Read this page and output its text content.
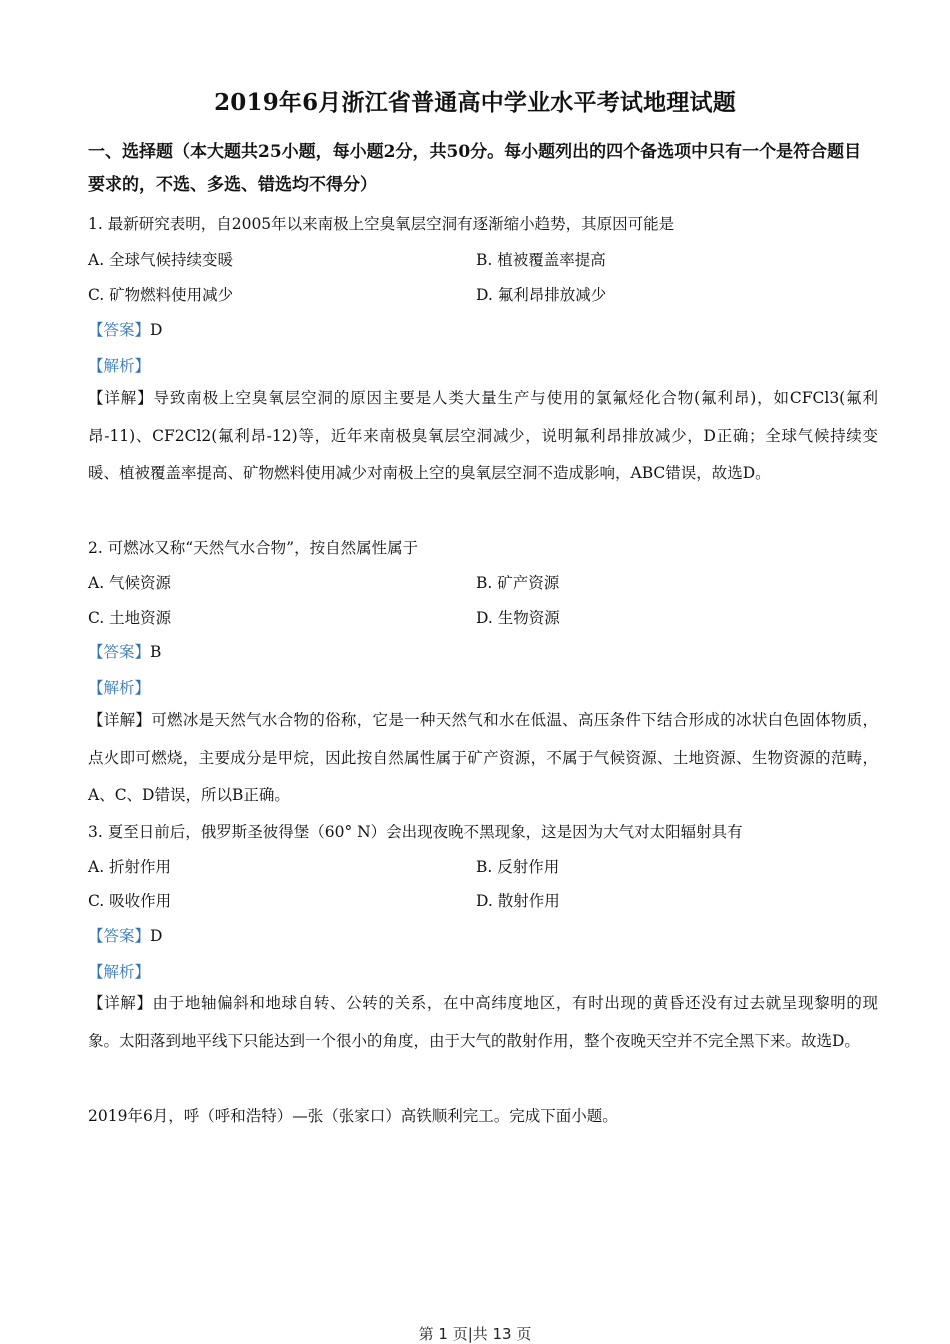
2019年6月浙江省普通高中学业水平考试地理试题
一、选择题（本大题共25小题，每小题2分，共50分。每小题列出的四个备选项中只有一个是符合题目要求的，不选、多选、错选均不得分）
1. 最新研究表明，自2005年以来南极上空臭氧层空洞有逐渐缩小趋势，其原因可能是
A. 全球气候持续变暖	B. 植被覆盖率提高
C. 矿物燃料使用减少	D. 氟利昂排放减少
【答案】D
【解析】
【详解】导致南极上空臭氧层空洞的原因主要是人类大量生产与使用的氯氟烃化合物(氟利昂)，如CFCl3(氟利昂-11)、CF2Cl2(氟利昂-12)等，近年来南极臭氧层空洞减少，说明氟利昂排放减少，D正确；全球气候持续变暖、植被覆盖率提高、矿物燃料使用减少对南极上空的臭氧层空洞不造成影响，ABC错误，故选D。
2. 可燃冰又称“天然气水合物”，按自然属性属于
A. 气候资源	B. 矿产资源
C. 土地资源	D. 生物资源
【答案】B
【解析】
【详解】可燃冰是天然气水合物的俗称，它是一种天然气和水在低温、高压条件下结合形成的冰状白色固体物质，点火即可燃烧，主要成分是甲烷，因此按自然属性属于矿产资源，不属于气候资源、土地资源、生物资源的范畴，A、C、D错误，所以B正确。
3. 夏至日前后，俄罗斯圣彼得堡（60° N）会出现夜晚不黑现象，这是因为大气对太阳辐射具有
A. 折射作用	B. 反射作用
C. 吸收作用	D. 散射作用
【答案】D
【解析】
【详解】由于地轴偏斜和地球自转、公转的关系，在中高纬度地区，有时出现的黄昏还没有过去就呈现黎明的现象。太阳落到地平线下只能达到一个很小的角度，由于大气的散射作用，整个夜晚天空并不完全黑下来。故选D。
2019年6月，呼（呼和浩特）—张（张家口）高铁顺利完工。完成下面小题。
第 1 页|共 13 页
